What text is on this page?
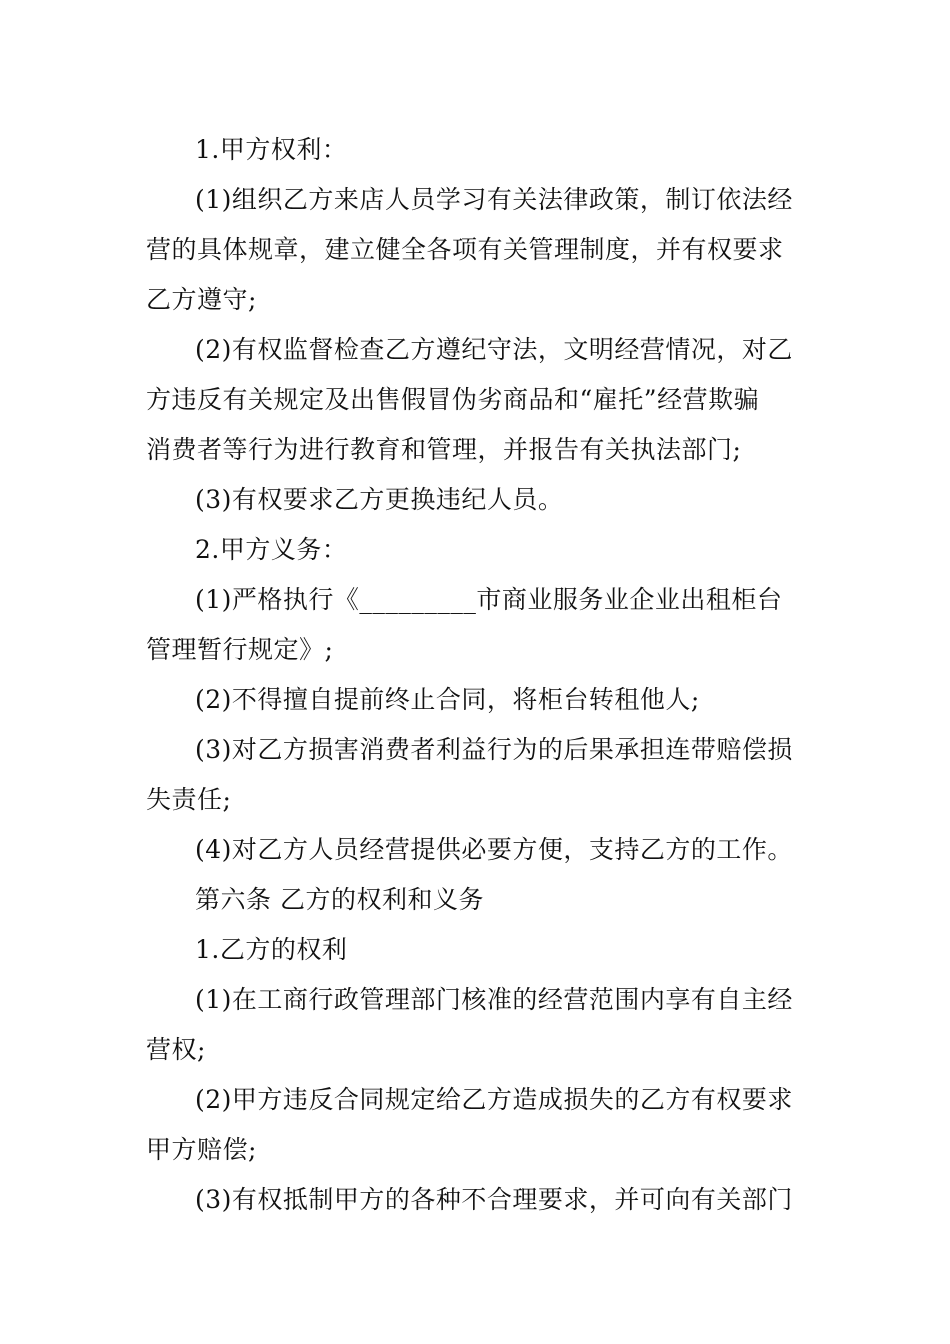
1.甲方权利：
(1)组织乙方来店人员学习有关法律政策，制订依法经
营的具体规章，建立健全各项有关管理制度，并有权要求
乙方遵守;
(2)有权监督检查乙方遵纪守法，文明经营情况，对乙
方违反有关规定及出售假冒伪劣商品和“雇托”经营欺骗
消费者等行为进行教育和管理，并报告有关执法部门;
(3)有权要求乙方更换违纪人员。
2.甲方义务：
(1)严格执行《_________市商业服务业企业出租柜台
管理暂行规定》;
(2)不得擅自提前终止合同，将柜台转租他人;
(3)对乙方损害消费者利益行为的后果承担连带赔偿损
失责任;
(4)对乙方人员经营提供必要方便，支持乙方的工作。
第六条 乙方的权利和义务
1.乙方的权利
(1)在工商行政管理部门核准的经营范围内享有自主经
营权;
(2)甲方违反合同规定给乙方造成损失的乙方有权要求
甲方赔偿;
(3)有权抵制甲方的各种不合理要求，并可向有关部门
